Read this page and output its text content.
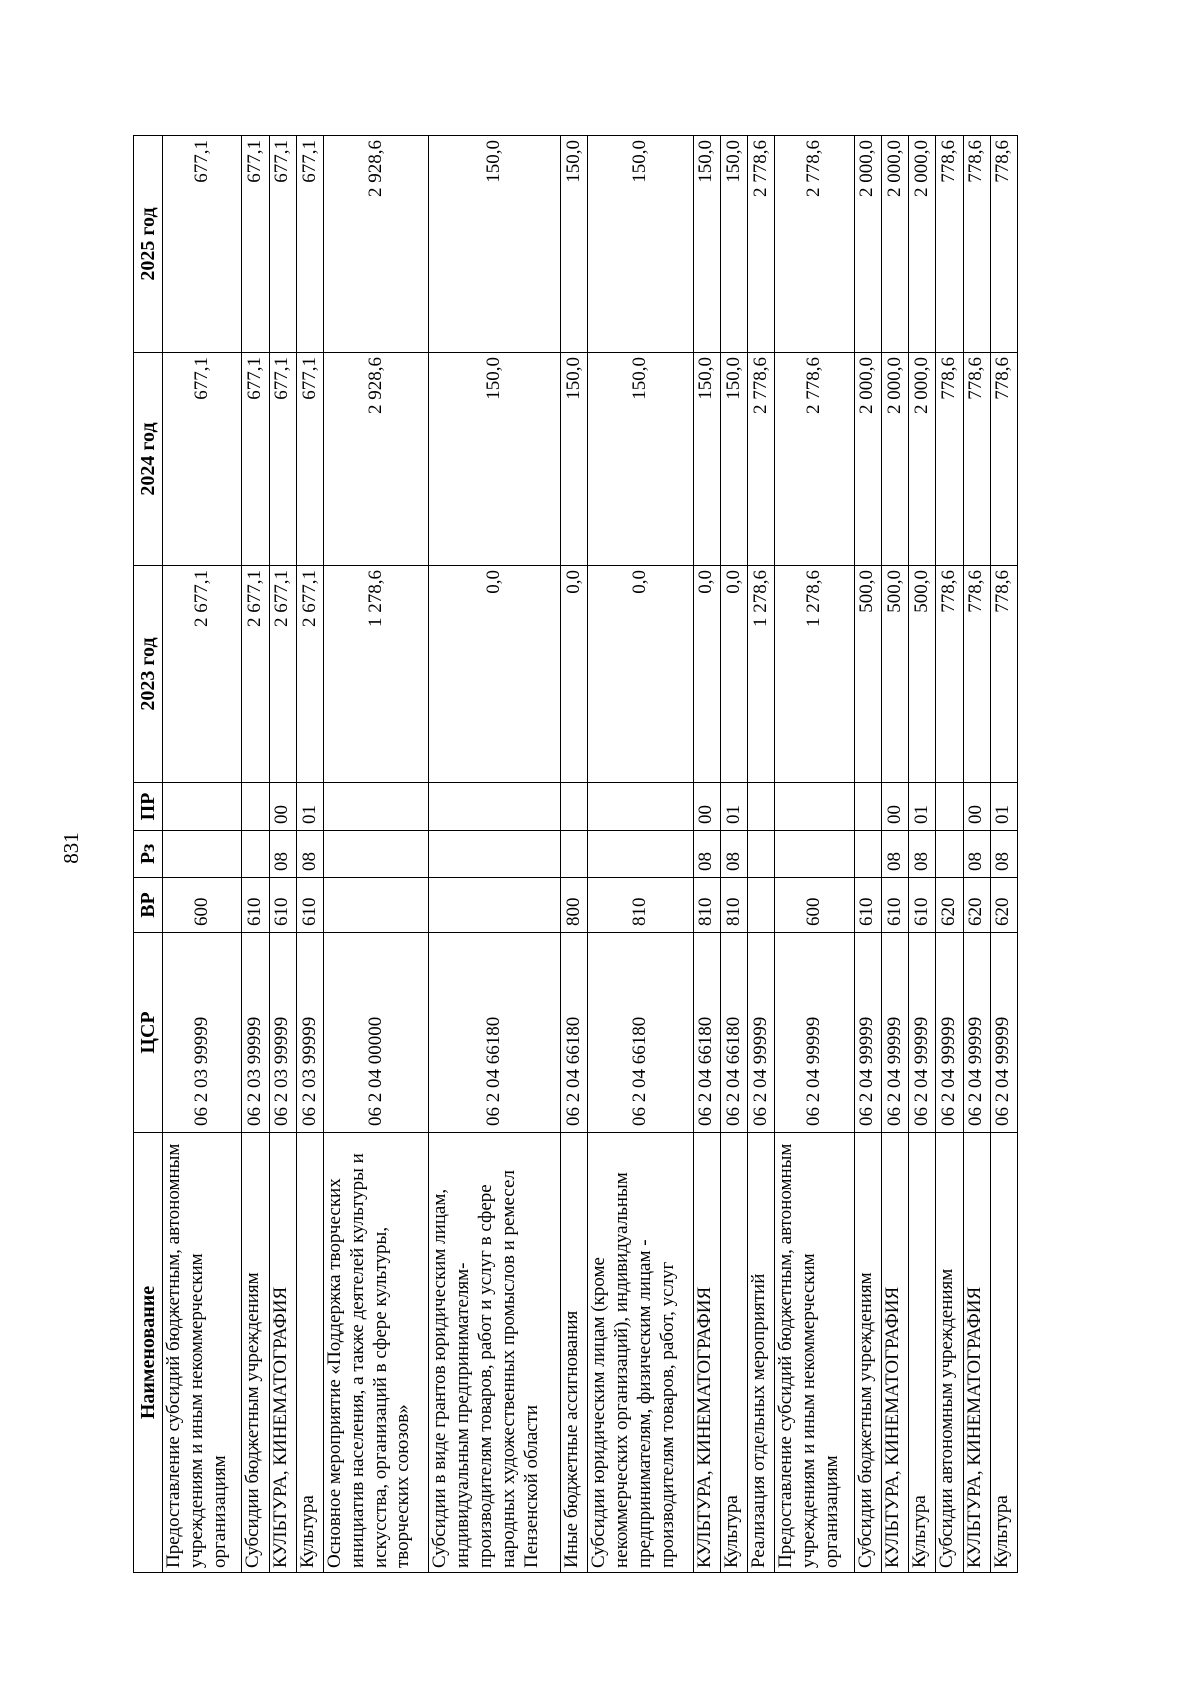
831
Наименование	ЦСР	ВР	Рз	ПР	2023 год	2024 год	2025 год
Предоставление субсидий бюджетным, автономным учреждениям и иным некоммерческим организациям	06 2 03 99999	600			2 677,1	677,1	677,1
Субсидии бюджетным учреждениям	06 2 03 99999	610			2 677,1	677,1	677,1
КУЛЬТУРА, КИНЕМАТОГРАФИЯ	06 2 03 99999	610	08	00	2 677,1	677,1	677,1
Культура	06 2 03 99999	610	08	01	2 677,1	677,1	677,1
Основное мероприятие «Поддержка творческих инициатив населения, а также деятелей культуры и искусства, организаций в сфере культуры, творческих союзов»	06 2 04 00000				1 278,6	2 928,6	2 928,6
Субсидии в виде грантов юридическим лицам, индивидуальным предпринимателям-производителям товаров, работ и услуг в сфере народных художественных промыслов и ремесел Пензенской области	06 2 04 66180				0,0	150,0	150,0
Иные бюджетные ассигнования	06 2 04 66180	800			0,0	150,0	150,0
Субсидии юридическим лицам (кроме некоммерческих организаций), индивидуальным предпринимателям, физическим лицам - производителям товаров, работ, услуг	06 2 04 66180	810			0,0	150,0	150,0
КУЛЬТУРА, КИНЕМАТОГРАФИЯ	06 2 04 66180	810	08	00	0,0	150,0	150,0
Культура	06 2 04 66180	810	08	01	0,0	150,0	150,0
Реализация отдельных мероприятий	06 2 04 99999				1 278,6	2 778,6	2 778,6
Предоставление субсидий бюджетным, автономным учреждениям и иным некоммерческим организациям	06 2 04 99999	600			1 278,6	2 778,6	2 778,6
Субсидии бюджетным учреждениям	06 2 04 99999	610			500,0	2 000,0	2 000,0
КУЛЬТУРА, КИНЕМАТОГРАФИЯ	06 2 04 99999	610	08	00	500,0	2 000,0	2 000,0
Культура	06 2 04 99999	610	08	01	500,0	2 000,0	2 000,0
Субсидии автономным учреждениям	06 2 04 99999	620			778,6	778,6	778,6
КУЛЬТУРА, КИНЕМАТОГРАФИЯ	06 2 04 99999	620	08	00	778,6	778,6	778,6
Культура	06 2 04 99999	620	08	01	778,6	778,6	778,6
